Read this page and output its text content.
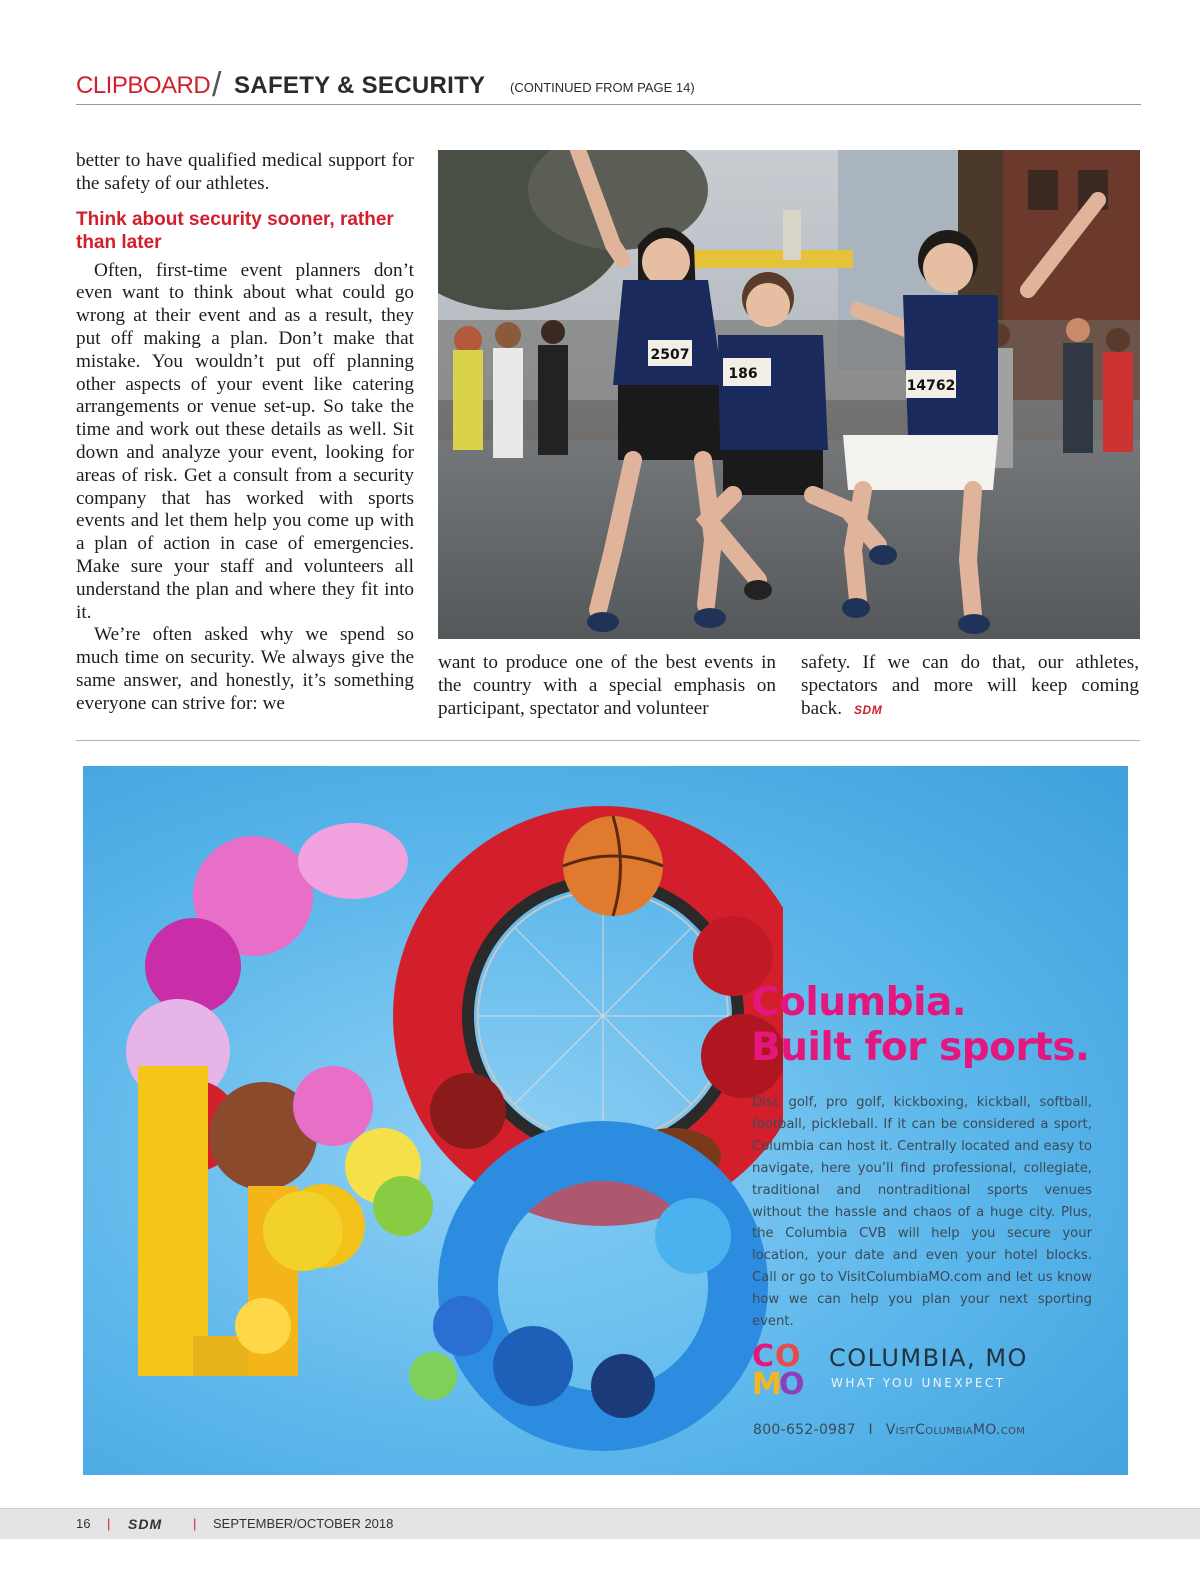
CLIPBOARD / SAFETY & SECURITY (CONTINUED FROM PAGE 14)

better to have qualified medical support for the safety of our athletes.

Think about security sooner, rather than later

Often, first-time event planners don’t even want to think about what could go wrong at their event and as a result, they put off making a plan. Don’t make that mistake. You wouldn’t put off planning other aspects of your event like catering arrangements or venue set-up. So take the time and work out these details as well. Sit down and analyze your event, looking for areas of risk. Get a consult from a security company that has worked with sports events and let them help you come up with a plan of action in case of emergencies. Make sure your staff and volunteers all understand the plan and where they fit into it.

We’re often asked why we spend so much time on security. We always give the same answer, and honestly, it’s something everyone can strive for: we

2507
186
14762

want to produce one of the best events in the country with a special emphasis on participant, spectator and volunteer

safety. If we can do that, our athletes, spectators and more will keep coming back. SDM

Columbia.
Built for sports.
Disc golf, pro golf, kickboxing, kickball, softball, football, pickleball. If it can be considered a sport, Columbia can host it. Centrally located and easy to navigate, here you’ll find professional, collegiate, traditional and nontraditional sports venues without the hassle and chaos of a huge city. Plus, the Columbia CVB will help you secure your location, your date and even your hotel blocks. Call or go to VisitColumbiaMO.com and let us know how we can help you plan your next sporting event.
C O
M
O
COLUMBIA, MO
WHAT YOU UNEXPECT
800-652-0987 I VisitColumbiaMO.com
16 | SDM | SEPTEMBER/OCTOBER 2018
